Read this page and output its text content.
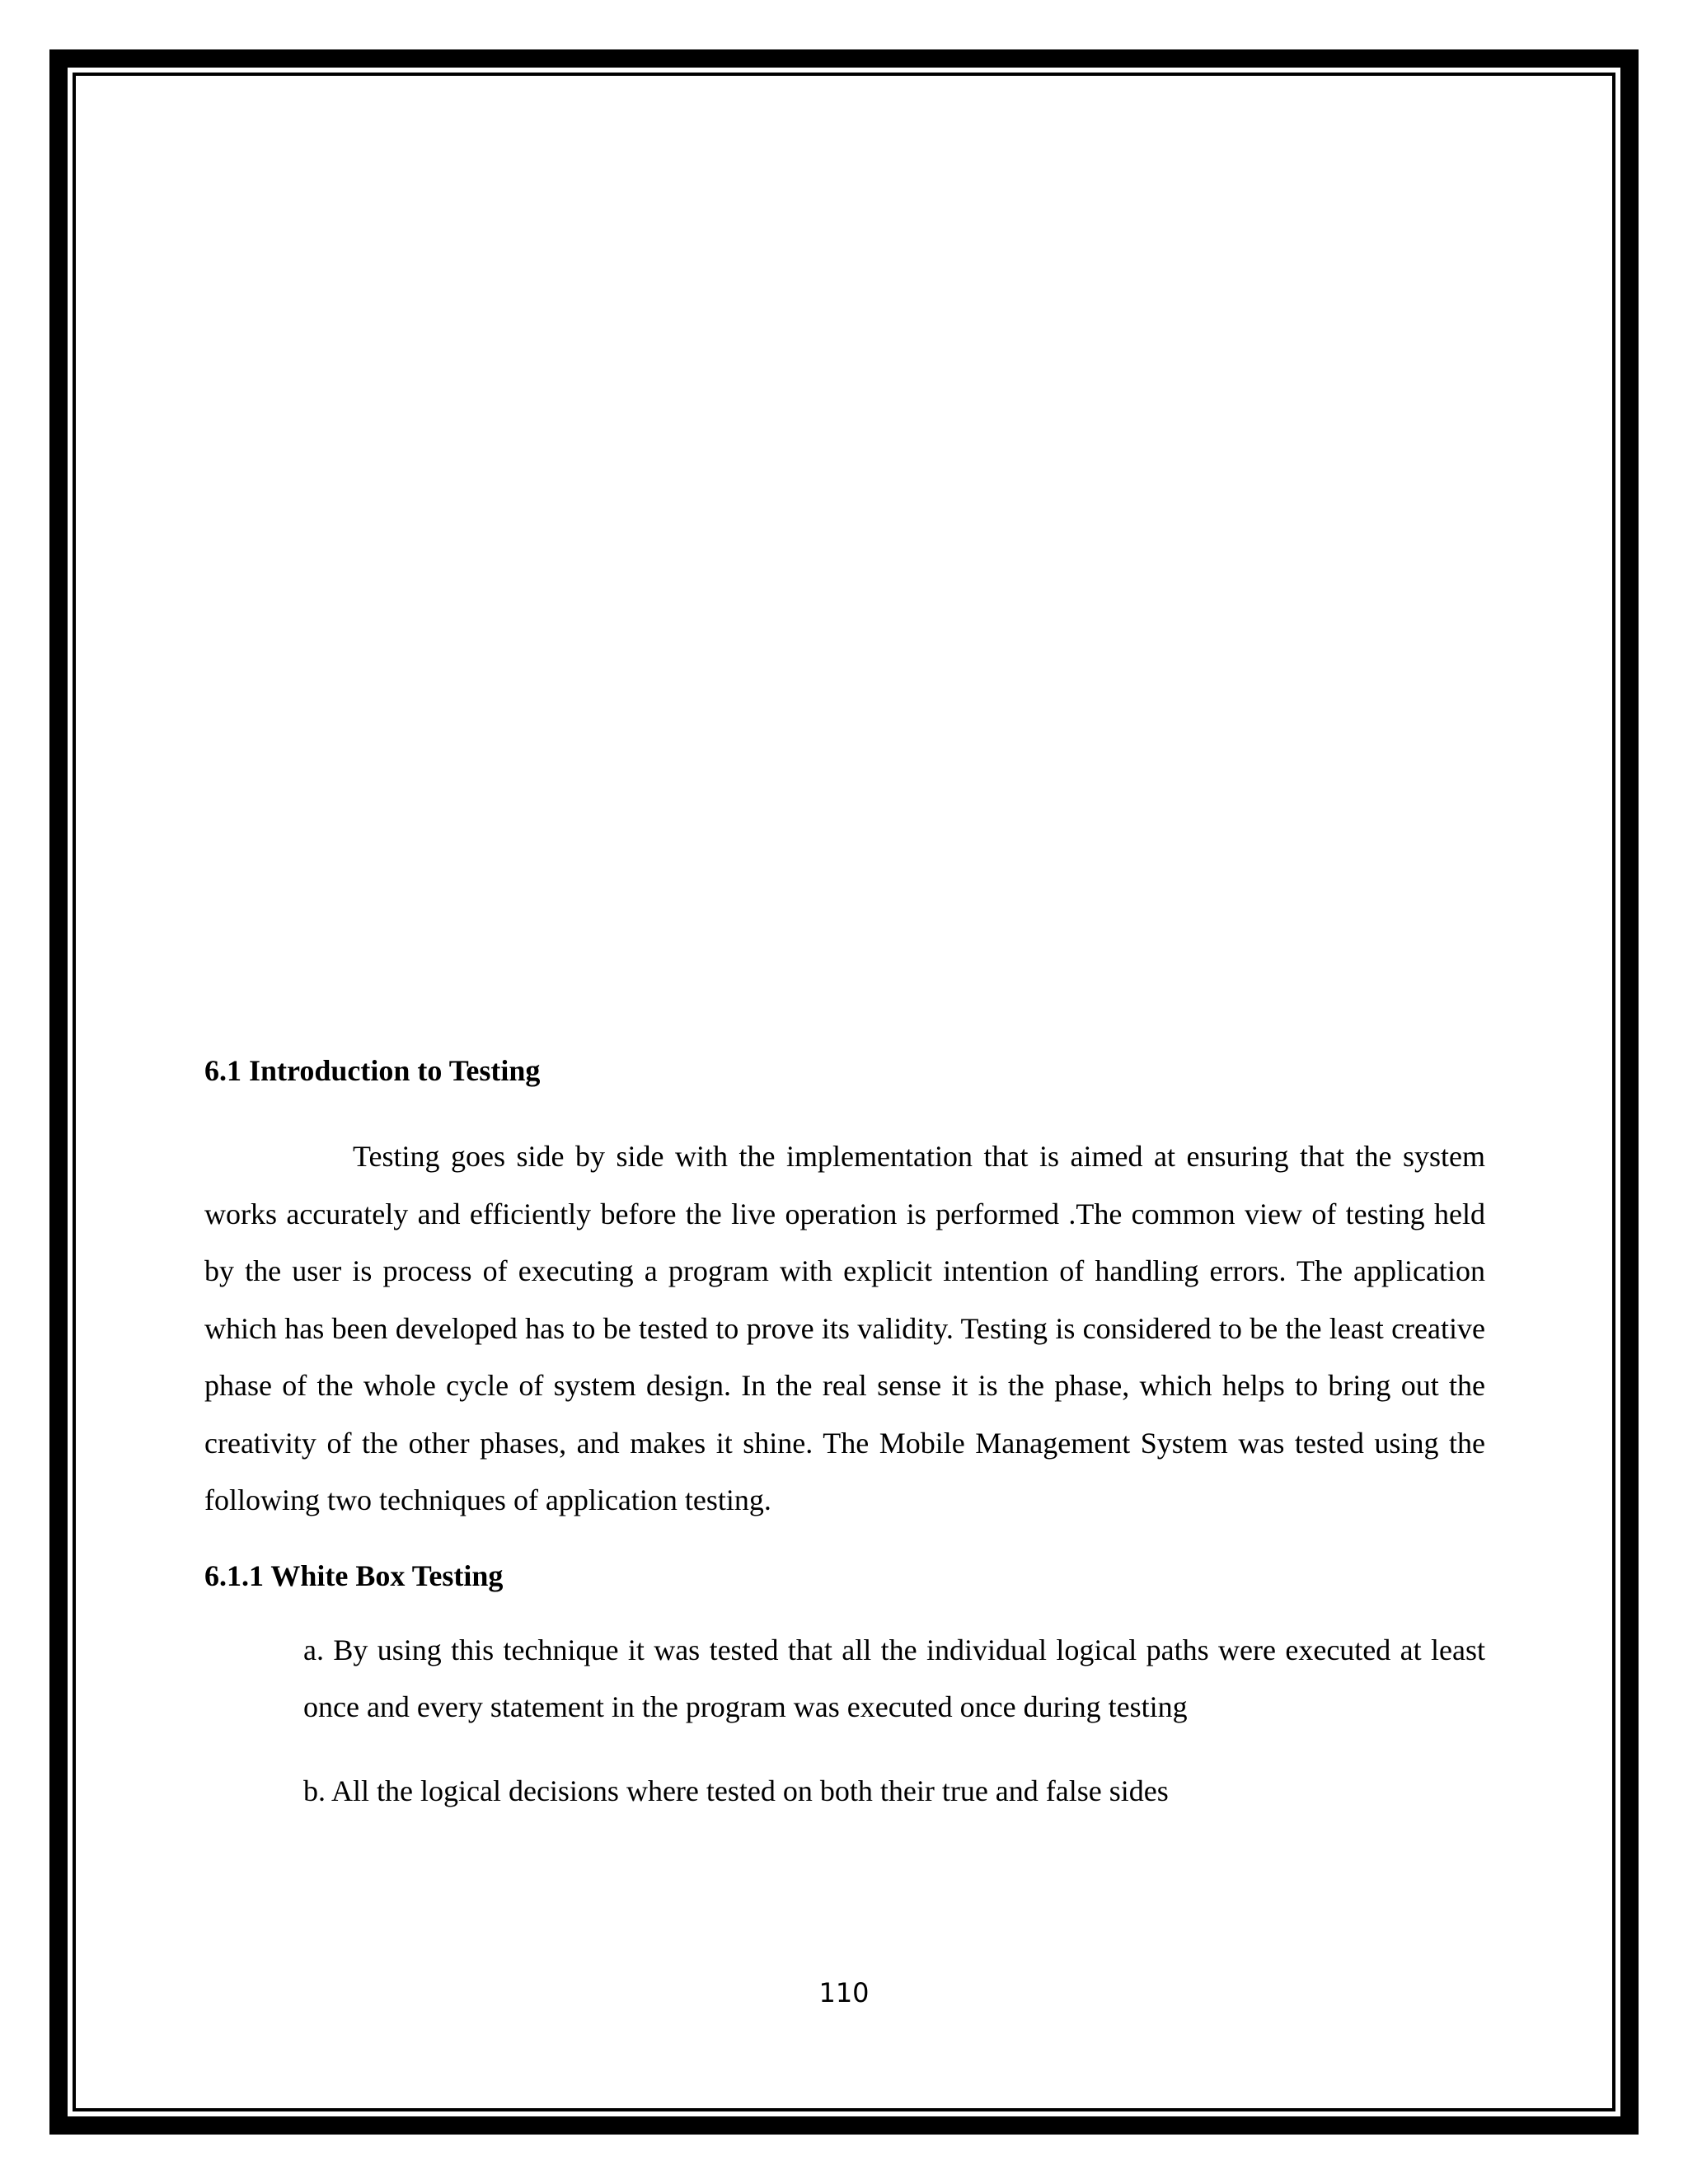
6.1 Introduction to Testing

Testing goes side by side with the implementation that is aimed at ensuring that the system works accurately and efficiently before the live operation is performed .The common view of testing held by the user is process of executing a program with explicit intention of handling errors. The application which has been developed has to be tested to prove its validity. Testing is considered to be the least creative phase of the whole cycle of system design. In the real sense it is the phase, which helps to bring out the creativity of the other phases, and makes it shine. The Mobile Management System was tested using the following two techniques of application testing.

6.1.1 White Box Testing

a. By using this technique it was tested that all the individual logical paths were executed at least once and every statement in the program was executed once during testing

b. All the logical decisions where tested on both their true and false sides

110
